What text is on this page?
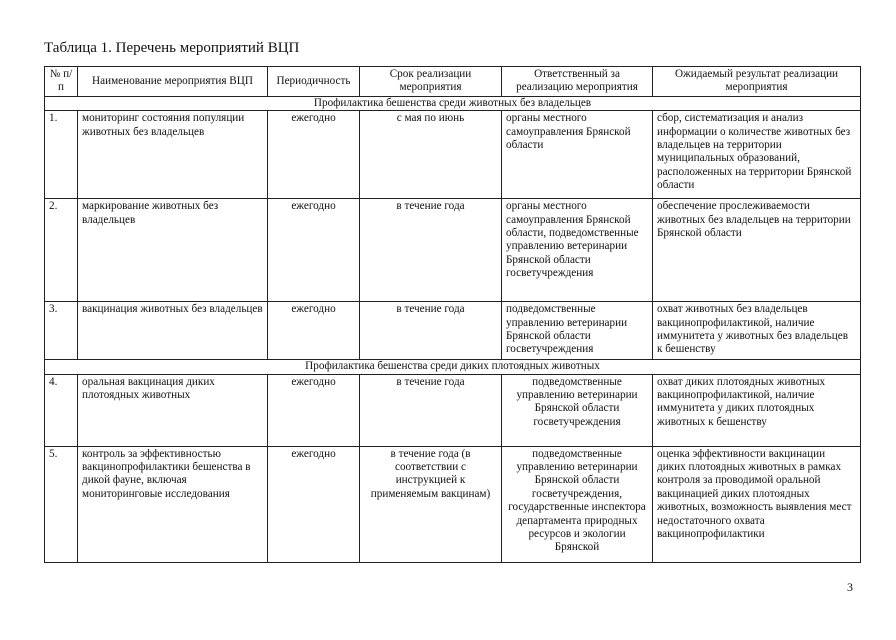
Таблица 1. Перечень мероприятий ВЦП
№ п/п	Наименование мероприятия ВЦП	Периодичность	Срок реализации мероприятия	Ответственный за реализацию мероприятия	Ожидаемый результат реализации мероприятия
Профилактика бешенства среди животных без владельцев					
1.	мониторинг состояния популяции животных без владельцев	ежегодно	с мая по июнь	органы местного самоуправления Брянской области	сбор, систематизация и анализ информации о количестве животных без владельцев на территории муниципальных образований, расположенных на территории Брянской области
2.	маркирование животных без владельцев	ежегодно	в течение года	органы местного самоуправления Брянской области, подведомственные управлению ветеринарии Брянской области госветучреждения	обеспечение прослеживаемости животных без владельцев на территории Брянской области
3.	вакцинация животных без владельцев	ежегодно	в течение года	подведомственные управлению ветеринарии Брянской области госветучреждения	охват животных без владельцев вакцинопрофилактикой, наличие иммунитета у животных без владельцев к бешенству
Профилактика бешенства среди диких плотоядных животных					
4.	оральная вакцинация диких плотоядных животных	ежегодно	в течение года	подведомственные управлению ветеринарии Брянской области госветучреждения	охват диких плотоядных животных вакцинопрофилактикой, наличие иммунитета у диких плотоядных животных к бешенству
5.	контроль за эффективностью вакцинопрофилактики бешенства в дикой фауне, включая мониторинговые исследования	ежегодно	в течение года (в соответствии с инструкцией к применяемым вакцинам)	подведомственные управлению ветеринарии Брянской области госветучреждения, государственные инспектора департамента природных ресурсов и экологии Брянской	оценка эффективности вакцинации диких плотоядных животных в рамках контроля за проводимой оральной вакцинацией диких плотоядных животных, возможность выявления мест недостаточного охвата вакцинопрофилактики
3
